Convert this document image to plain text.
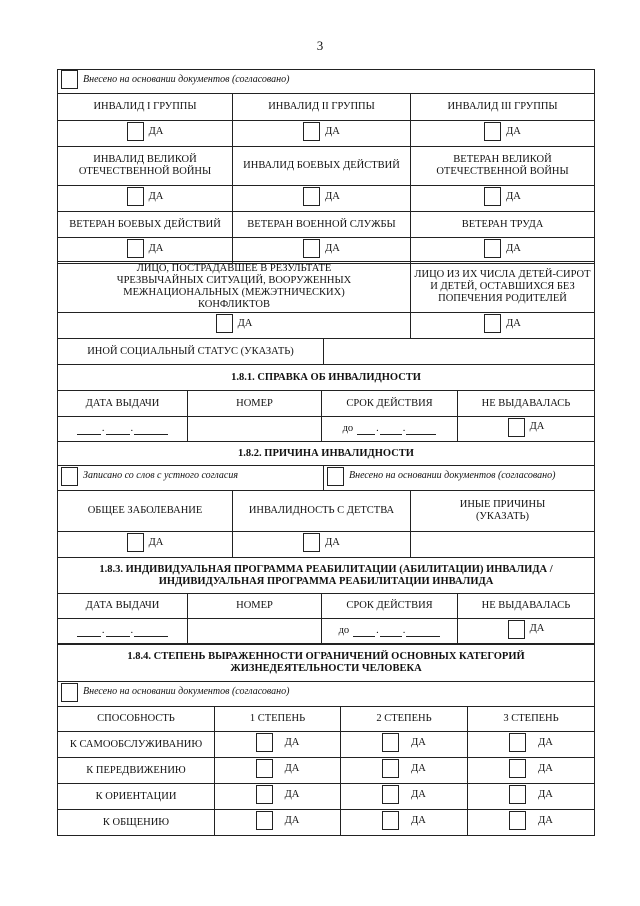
3
Внесено на основании документов (согласовано)		

ИНВАЛИД I ГРУППЫ	ИНВАЛИД II ГРУППЫ	ИНВАЛИД III ГРУППЫ

ДА	ДА	ДА

ИНВАЛИД ВЕЛИКОЙ ОТЕЧЕСТВЕННОЙ ВОЙНЫ	ИНВАЛИД БОЕВЫХ ДЕЙСТВИЙ	ВЕТЕРАН ВЕЛИКОЙ ОТЕЧЕСТВЕННОЙ ВОЙНЫ

ДА	ДА	ДА

ВЕТЕРАН БОЕВЫХ ДЕЙСТВИЙ	ВЕТЕРАН ВОЕННОЙ СЛУЖБЫ	ВЕТЕРАН ТРУДА

ДА	ДА	ДА
ЛИЦО, ПОСТРАДАВШЕЕ В РЕЗУЛЬТАТЕ ЧРЕЗВЫЧАЙНЫХ СИТУАЦИЙ, ВООРУЖЕННЫХ МЕЖНАЦИОНАЛЬНЫХ (МЕЖЭТНИЧЕСКИХ) КОНФЛИКТОВ		ЛИЦО ИЗ ИХ ЧИСЛА ДЕТЕЙ-СИРОТ И ДЕТЕЙ, ОСТАВШИХСЯ БЕЗ ПОПЕЧЕНИЯ РОДИТЕЛЕЙ

ДА		ДА

ИНОЙ СОЦИАЛЬНЫЙ СТАТУС (УКАЗАТЬ)		
1.8.1. СПРАВКА ОБ ИНВАЛИДНОСТИ			
ДАТА ВЫДАЧИ	НОМЕР	СРОК ДЕЙСТВИЯ	НЕ ВЫДАВАЛАСЬ
. .		до . .	ДА
1.8.2. ПРИЧИНА ИНВАЛИДНОСТИ			

Записано со слов с устного согласия		Внесено на основании документов (согласовано)	

ОБЩЕЕ ЗАБОЛЕВАНИЕ	ИНВАЛИДНОСТЬ С ДЕТСТВА		ИНЫЕ ПРИЧИНЫ (УКАЗАТЬ)

ДА	ДА		

1.8.3. ИНДИВИДУАЛЬНАЯ ПРОГРАММА РЕАБИЛИТАЦИИ (АБИЛИТАЦИИ) ИНВАЛИДА / ИНДИВИДУАЛЬНАЯ ПРОГРАММА РЕАБИЛИТАЦИИ ИНВАЛИДА			
ДАТА ВЫДАЧИ	НОМЕР	СРОК ДЕЙСТВИЯ	НЕ ВЫДАВАЛАСЬ
. .		до . .	ДА
1.8.4. СТЕПЕНЬ ВЫРАЖЕННОСТИ ОГРАНИЧЕНИЙ ОСНОВНЫХ КАТЕГОРИЙ ЖИЗНЕДЕЯТЕЛЬНОСТИ ЧЕЛОВЕКА			

Внесено на основании документов (согласовано)			

СПОСОБНОСТЬ	1 СТЕПЕНЬ	2 СТЕПЕНЬ	3 СТЕПЕНЬ
К САМООБСЛУЖИВАНИЮ	ДА	ДА	ДА

К ПЕРЕДВИЖЕНИЮ	ДА	ДА	ДА

К ОРИЕНТАЦИИ	ДА	ДА	ДА

К ОБЩЕНИЮ	ДА	ДА	ДА
